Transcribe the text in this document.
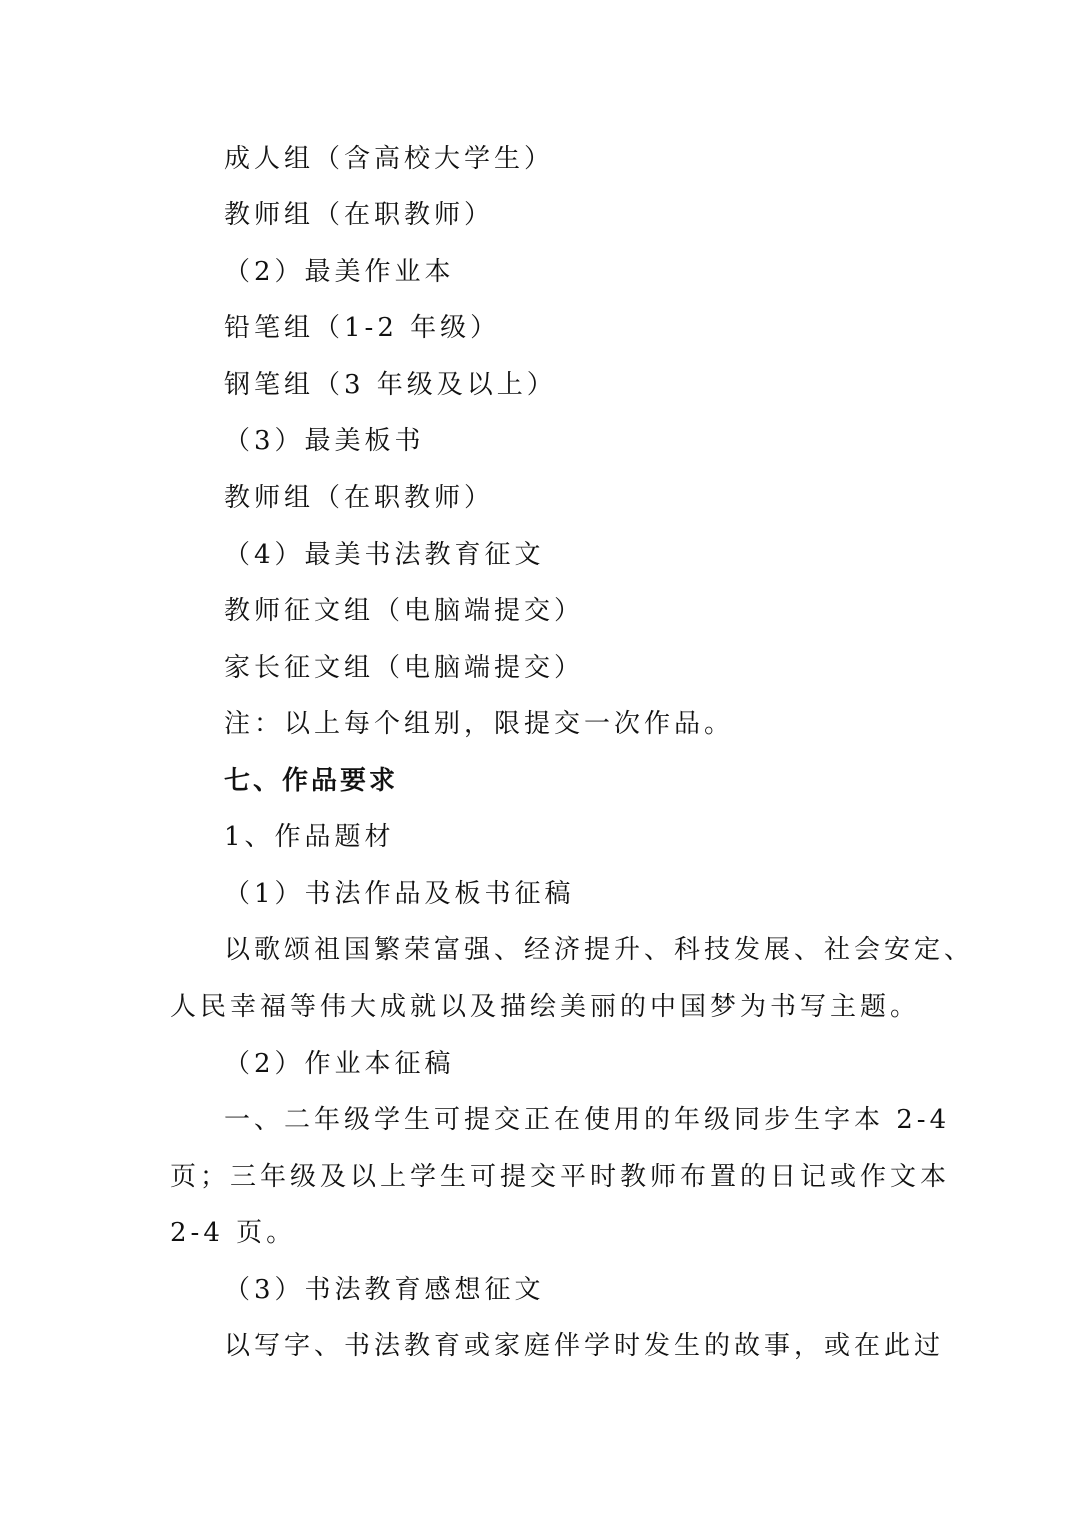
成人组（含高校大学生）
教师组（在职教师）
（2）最美作业本
铅笔组（1-2 年级）
钢笔组（3 年级及以上）
（3）最美板书
教师组（在职教师）
（4）最美书法教育征文
教师征文组（电脑端提交）
家长征文组（电脑端提交）
注：以上每个组别，限提交一次作品。
七、作品要求
1、作品题材
（1）书法作品及板书征稿
以歌颂祖国繁荣富强、经济提升、科技发展、社会安定、
人民幸福等伟大成就以及描绘美丽的中国梦为书写主题。
（2）作业本征稿
一、二年级学生可提交正在使用的年级同步生字本 2-4
页；三年级及以上学生可提交平时教师布置的日记或作文本
2-4 页。
（3）书法教育感想征文
以写字、书法教育或家庭伴学时发生的故事，或在此过
